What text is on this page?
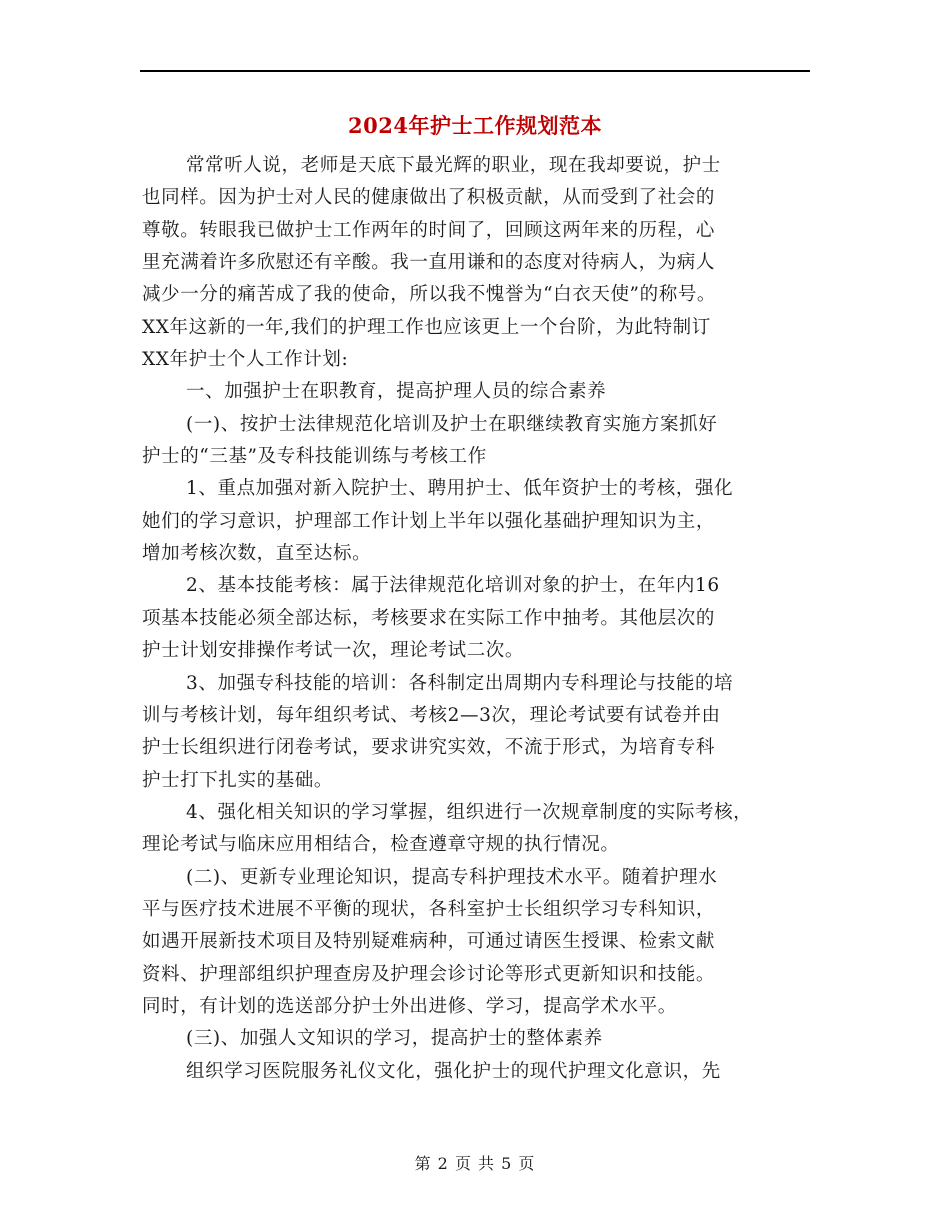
2024年护士工作规划范本
常常听人说，老师是天底下最光辉的职业，现在我却要说，护士
也同样。因为护士对人民的健康做出了积极贡献，从而受到了社会的
尊敬。转眼我已做护士工作两年的时间了，回顾这两年来的历程，心
里充满着许多欣慰还有辛酸。我一直用谦和的态度对待病人，为病人
减少一分的痛苦成了我的使命，所以我不愧誉为“白衣天使”的称号。
XX年这新的一年,我们的护理工作也应该更上一个台阶，为此特制订
XX年护士个人工作计划:
一、加强护士在职教育，提高护理人员的综合素养
(一)、按护士法律规范化培训及护士在职继续教育实施方案抓好
护士的“三基”及专科技能训练与考核工作
1、重点加强对新入院护士、聘用护士、低年资护士的考核，强化
她们的学习意识，护理部工作计划上半年以强化基础护理知识为主，
增加考核次数，直至达标。
2、基本技能考核：属于法律规范化培训对象的护士，在年内16
项基本技能必须全部达标，考核要求在实际工作中抽考。其他层次的
护士计划安排操作考试一次，理论考试二次。
3、加强专科技能的培训：各科制定出周期内专科理论与技能的培
训与考核计划，每年组织考试、考核2—3次，理论考试要有试卷并由
护士长组织进行闭卷考试，要求讲究实效，不流于形式，为培育专科
护士打下扎实的基础。
4、强化相关知识的学习掌握，组织进行一次规章制度的实际考核，
理论考试与临床应用相结合，检查遵章守规的执行情况。
(二)、更新专业理论知识，提高专科护理技术水平。随着护理水
平与医疗技术进展不平衡的现状，各科室护士长组织学习专科知识，
如遇开展新技术项目及特别疑难病种，可通过请医生授课、检索文献
资料、护理部组织护理查房及护理会诊讨论等形式更新知识和技能。
同时，有计划的选送部分护士外出进修、学习，提高学术水平。
(三)、加强人文知识的学习，提高护士的整体素养
组织学习医院服务礼仪文化，强化护士的现代护理文化意识，先
第 2 页 共 5 页
